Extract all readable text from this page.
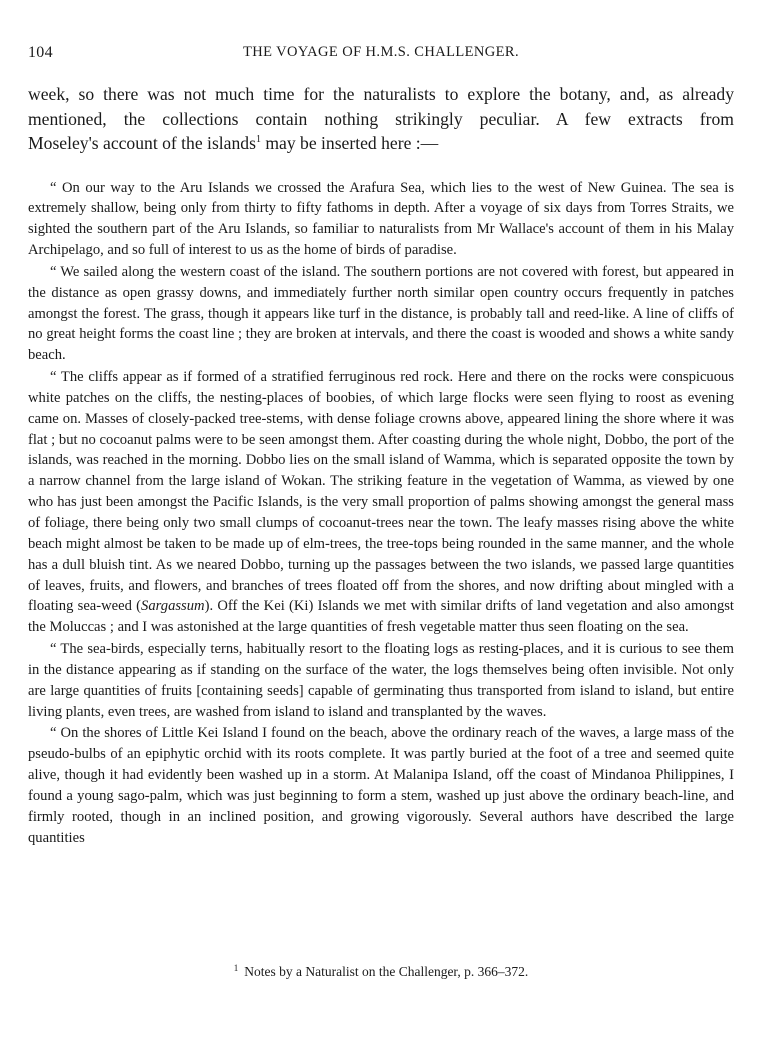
104	THE VOYAGE OF H.M.S. CHALLENGER.
week, so there was not much time for the naturalists to explore the botany, and, as already
mentioned, the collections contain nothing strikingly peculiar. A few extracts from
Moseley's account of the islands$^1$ may be inserted here :—

“ On our way to the Aru Islands we crossed the Arafura Sea, which lies to the west of New Guinea. The sea is extremely shallow, being only from thirty to fifty fathoms in depth. After a voyage of six days from Torres Straits, we sighted the southern part of the Aru Islands, so familiar to naturalists from Mr Wallace's account of them in his Malay Archipelago, and so full of interest to us as the home of birds of paradise.

“ We sailed along the western coast of the island. The southern portions are not covered with forest, but appeared in the distance as open grassy downs, and immediately further north similar open country occurs frequently in patches amongst the forest. The grass, though it appears like turf in the distance, is probably tall and reed-like. A line of cliffs of no great height forms the coast line ; they are broken at intervals, and there the coast is wooded and shows a white sandy beach.

“ The cliffs appear as if formed of a stratified ferruginous red rock. Here and there on the rocks were conspicuous white patches on the cliffs, the nesting-places of boobies, of which large flocks were seen flying to roost as evening came on. Masses of closely-packed tree-stems, with dense foliage crowns above, appeared lining the shore where it was flat ; but no cocoanut palms were to be seen amongst them. After coasting during the whole night, Dobbo, the port of the islands, was reached in the morning. Dobbo lies on the small island of Wamma, which is separated opposite the town by a narrow channel from the large island of Wokan. The striking feature in the vegetation of Wamma, as viewed by one who has just been amongst the Pacific Islands, is the very small proportion of palms showing amongst the general mass of foliage, there being only two small clumps of cocoanut-trees near the town. The leafy masses rising above the white beach might almost be taken to be made up of elm-trees, the tree-tops being rounded in the same manner, and the whole has a dull bluish tint. As we neared Dobbo, turning up the passages between the two islands, we passed large quantities of leaves, fruits, and flowers, and branches of trees floated off from the shores, and now drifting about mingled with a floating sea-weed (Sargassum). Off the Kei (Ki) Islands we met with similar drifts of land vegetation and also amongst the Moluccas ; and I was astonished at the large quantities of fresh vegetable matter thus seen floating on the sea.

“ The sea-birds, especially terns, habitually resort to the floating logs as resting-places, and it is curious to see them in the distance appearing as if standing on the surface of the water, the logs themselves being often invisible. Not only are large quantities of fruits [containing seeds] capable of germinating thus transported from island to island, but entire living plants, even trees, are washed from island to island and transplanted by the waves.

“ On the shores of Little Kei Island I found on the beach, above the ordinary reach of the waves, a large mass of the pseudo-bulbs of an epiphytic orchid with its roots complete. It was partly buried at the foot of a tree and seemed quite alive, though it had evidently been washed up in a storm. At Malanipa Island, off the coast of Mindanoa Philippines, I found a young sago-palm, which was just beginning to form a stem, washed up just above the ordinary beach-line, and firmly rooted, though in an inclined position, and growing vigorously. Several authors have described the large quantities

$^1$ Notes by a Naturalist on the Challenger, p. 366–372.
